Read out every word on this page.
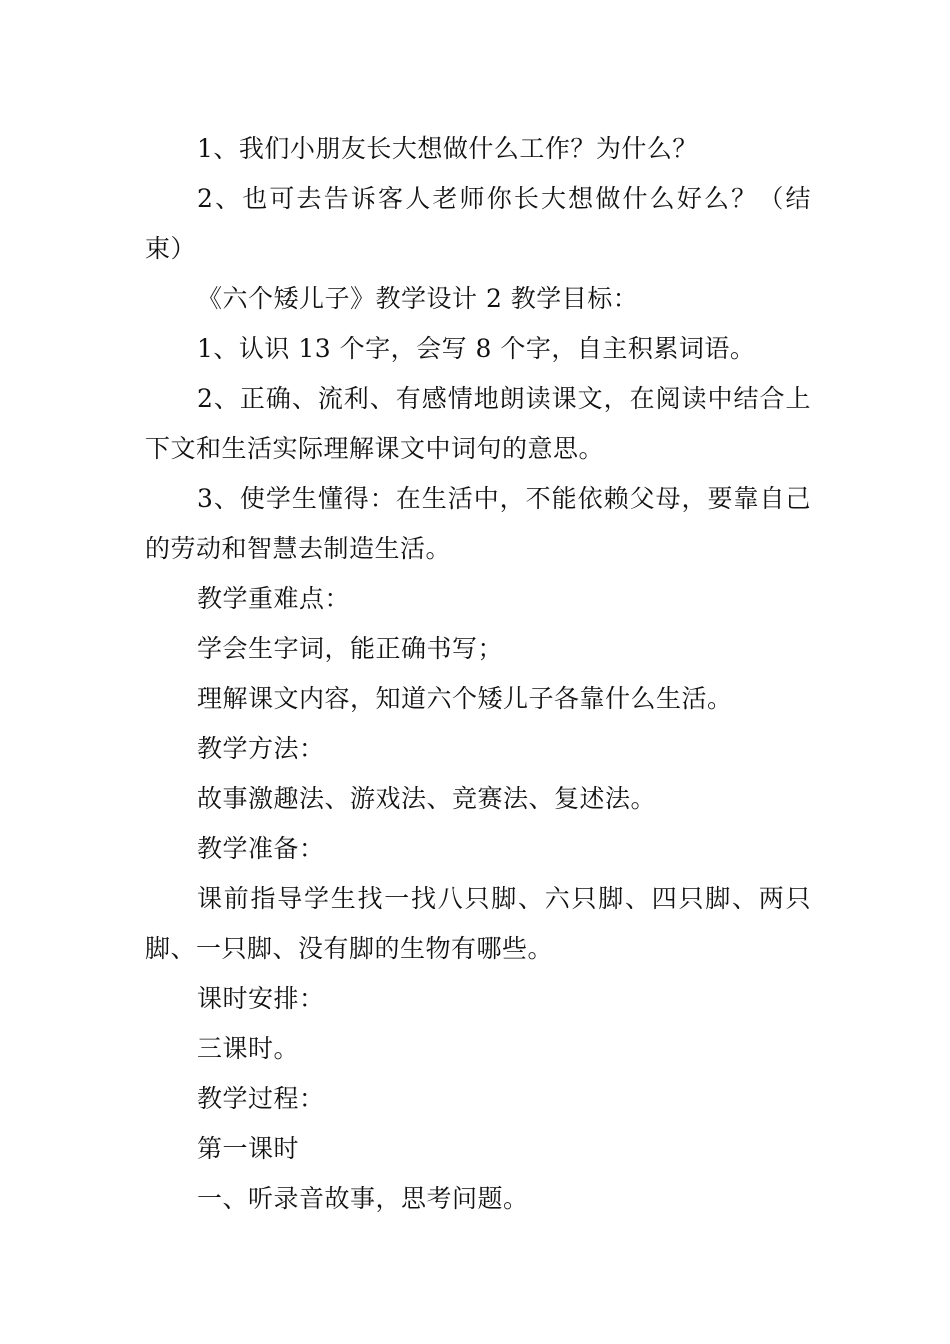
1、我们小朋友长大想做什么工作？为什么？

2、也可去告诉客人老师你长大想做什么好么？（结束）

《六个矮儿子》教学设计 2 教学目标：

1、认识 13 个字，会写 8 个字，自主积累词语。

2、正确、流利、有感情地朗读课文，在阅读中结合上下文和生活实际理解课文中词句的意思。

3、使学生懂得：在生活中，不能依赖父母，要靠自己的劳动和智慧去制造生活。

教学重难点：

学会生字词，能正确书写；

理解课文内容，知道六个矮儿子各靠什么生活。

教学方法：

故事激趣法、游戏法、竞赛法、复述法。

教学准备：

课前指导学生找一找八只脚、六只脚、四只脚、两只脚、一只脚、没有脚的生物有哪些。

课时安排：

三课时。

教学过程：

第一课时

一、听录音故事，思考问题。
